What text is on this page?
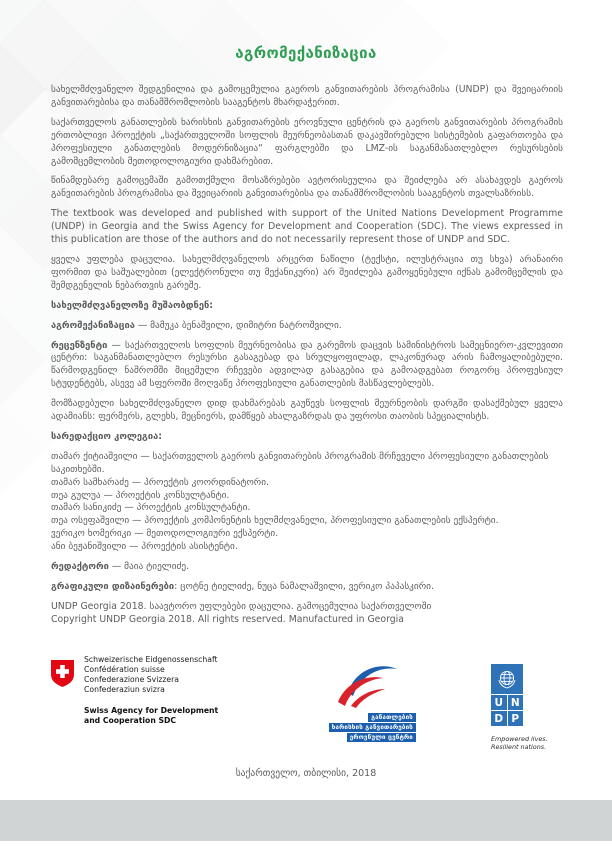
აგრომექანიზაცია

სახელმძღვანელო შედგენილია და გამოცემულია გაეროს განვითარების პროგრამისა (UNDP) და შვეიცარიის განვითარებისა და თანამშრომლობის სააგენტოს მხარდაჭერით.

საქართველოს განათლების ხარისხის განვითარების ეროვნული ცენტრის და გაეროს განვითარების პროგრამის ერთობლივი პროექტის „საქართველოში სოფლის მეურნეობასთან დაკავშირებული სისტემების გაფართოება და პროფესიული განათლების მოდერნიზაცია“ ფარგლებში და LMZ-ის საგანმანათლებლო რესურსების გამომცემლობის მეთოდოლოგიური დახმარებით.

წინამდებარე გამოცემაში გამოთქმული მოსაზრებები ავტორისეულია და შეიძლება არ ასახავდეს გაეროს განვითარების პროგრამისა და შვეიცარიის განვითარებისა და თანამშრომლობის სააგენტოს თვალსაზრისს.

The textbook was developed and published with support of the United Nations Development Programme (UNDP) in Georgia and the Swiss Agency for Development and Cooperation (SDC). The views expressed in this publication are those of the authors and do not necessarily represent those of UNDP and SDC.

ყველა უფლება დაცულია. სახელმძღვანელოს არცერთ ნაწილი (ტექსტი, ილუსტრაცია თუ სხვა) არანაირი ფორმით და საშუალებით (ელექტრონული თუ მექანიკური) არ შეიძლება გამოყენებული იქნას გამომცემლის და შემდგენელის ნებართვის გარეშე.

სახელმძღვანელოზე მუშაობდნენ:

აგრომექანიზაცია — მამუკა ბენაშვილი, დიმიტრი ნატროშვილი.

რეცენზენტი — საქართველოს სოფლის მეურნეობისა და გარემოს დაცვის სამინისტროს სამეცნიერო-კვლევითი ცენტრი: საგანმანათლებლო რესურსი გასაგებად და სრულყოფილად, ლაკონურად არის ჩამოყალიბებული. წარმოდგენილ ნაშრომში მიცემული რჩევები ადვილად გასაგებია და გამოადგებათ როგორც პროფესიულ სტუდენტებს, ასევე ამ სფეროში მოღვაწე პროფესიული განათლების მასწავლებლებს.

მომზადებული სახელმძღვანელო დიდ დახმარებას გაუწევს სოფლის მეურნეობის დარგში დასაქმებულ ყველა ადამიანს: ფერმერს, გლეხს, მეცნიერს, დამწყებ ახალგაზრდას და უფროსი თაობის სპეციალისტს.

სარედაქციო კოლეგია:

თამარ ქიტიაშვილი — საქართველოს გაეროს განვითარების პროგრამის მრჩეველი პროფესიული განათლების საკითხებში.
თამარ სამხარაძე — პროექტის კოორდინატორი.
თეა გულუა — პროექტის კონსულტანტი.
თამარ სანიკიძე — პროექტის კონსულტანტი.
თეა ოსეფაშვილი — პროექტის კომპონენტის ხელმძღვანელი, პროფესიული განათლების ექსპერტი.
ვერიკო ხომერიკი — მეთოდოლოგიური ექსპერტი.
ანი ბეჟანიშვილი — პროექტის ასისტენტი.

რედაქტორი — მაია ტიელიძე.

გრაფიკული დიზაინერები: ცოტნე ტიელიძე, ნუცა ნამალაშვილი, ვერიკო პაპასკირი.

UNDP Georgia 2018. საავტორო უფლებები დაცულია. გამოცემულია საქართველოში
Copyright UNDP Georgia 2018. All rights reserved. Manufactured in Georgia
Schweizerische Eidgenossenschaft
Confédération suisse
Confederazione Svizzera
Confederaziun svizra
Swiss Agency for Development
and Cooperation SDC	განათლების
ხარისხის განვითარების
ეროვნული ცენტრი
U N
D P
Empowered lives.
Resilient nations.
საქართველო, თბილისი, 2018
